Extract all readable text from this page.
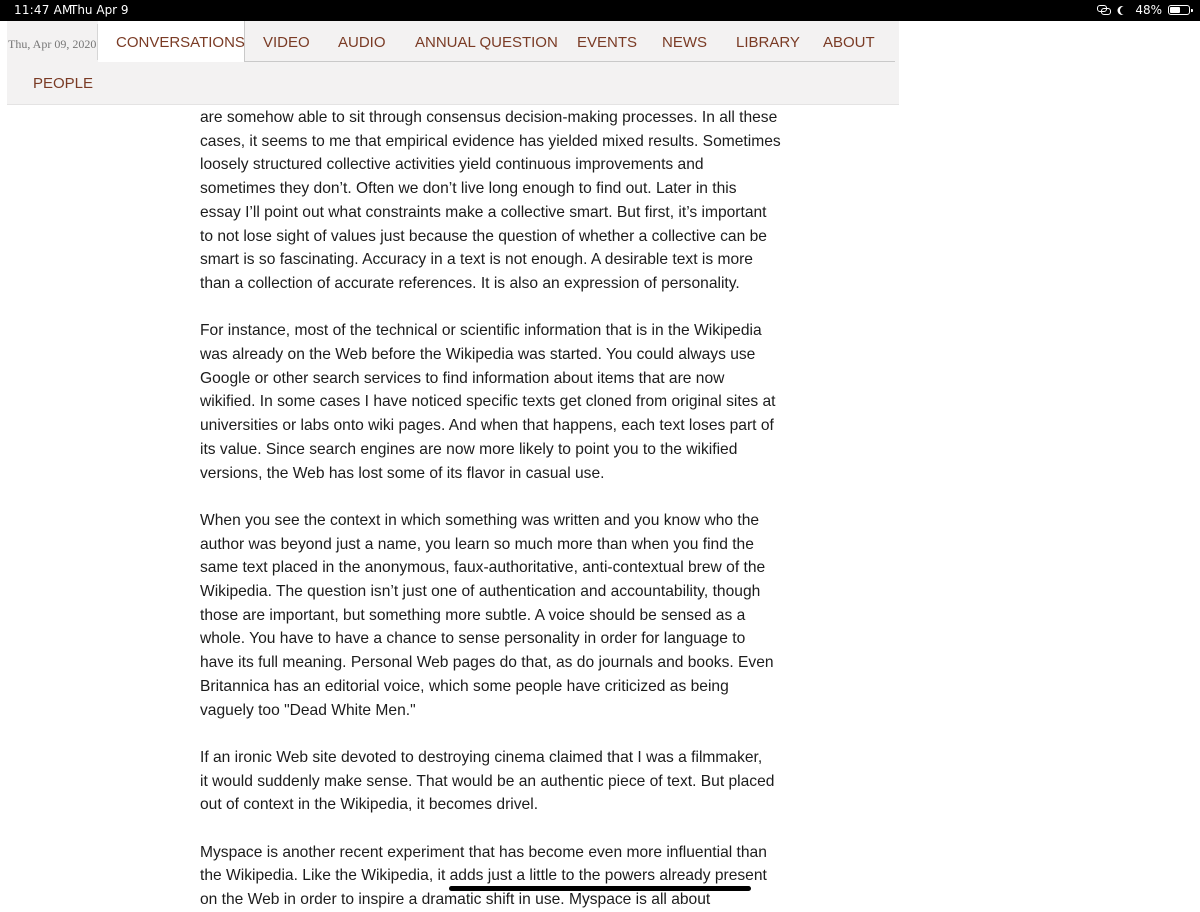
11:47 AM
Thu Apr 9	48%
Thu, Apr 09, 2020 CONVERSATIONS VIDEO AUDIO ANNUAL QUESTION EVENTS NEWS LIBRARY ABOUT
PEOPLE

are somehow able to sit through consensus decision-making processes. In all these
cases, it seems to me that empirical evidence has yielded mixed results. Sometimes
loosely structured collective activities yield continuous improvements and
sometimes they don’t. Often we don’t live long enough to find out. Later in this
essay I’ll point out what constraints make a collective smart. But first, it’s important
to not lose sight of values just because the question of whether a collective can be
smart is so fascinating. Accuracy in a text is not enough. A desirable text is more
than a collection of accurate references. It is also an expression of personality.

For instance, most of the technical or scientific information that is in the Wikipedia
was already on the Web before the Wikipedia was started. You could always use
Google or other search services to find information about items that are now
wikified. In some cases I have noticed specific texts get cloned from original sites at
universities or labs onto wiki pages. And when that happens, each text loses part of
its value. Since search engines are now more likely to point you to the wikified
versions, the Web has lost some of its flavor in casual use.

When you see the context in which something was written and you know who the
author was beyond just a name, you learn so much more than when you find the
same text placed in the anonymous, faux-authoritative, anti-contextual brew of the
Wikipedia. The question isn’t just one of authentication and accountability, though
those are important, but something more subtle. A voice should be sensed as a
whole. You have to have a chance to sense personality in order for language to
have its full meaning. Personal Web pages do that, as do journals and books. Even
Britannica has an editorial voice, which some people have criticized as being
vaguely too "Dead White Men."

If an ironic Web site devoted to destroying cinema claimed that I was a filmmaker,
it would suddenly make sense. That would be an authentic piece of text. But placed
out of context in the Wikipedia, it becomes drivel.

Myspace is another recent experiment that has become even more influential than
the Wikipedia. Like the Wikipedia, it adds just a little to the powers already present
on the Web in order to inspire a dramatic shift in use. Myspace is all about
